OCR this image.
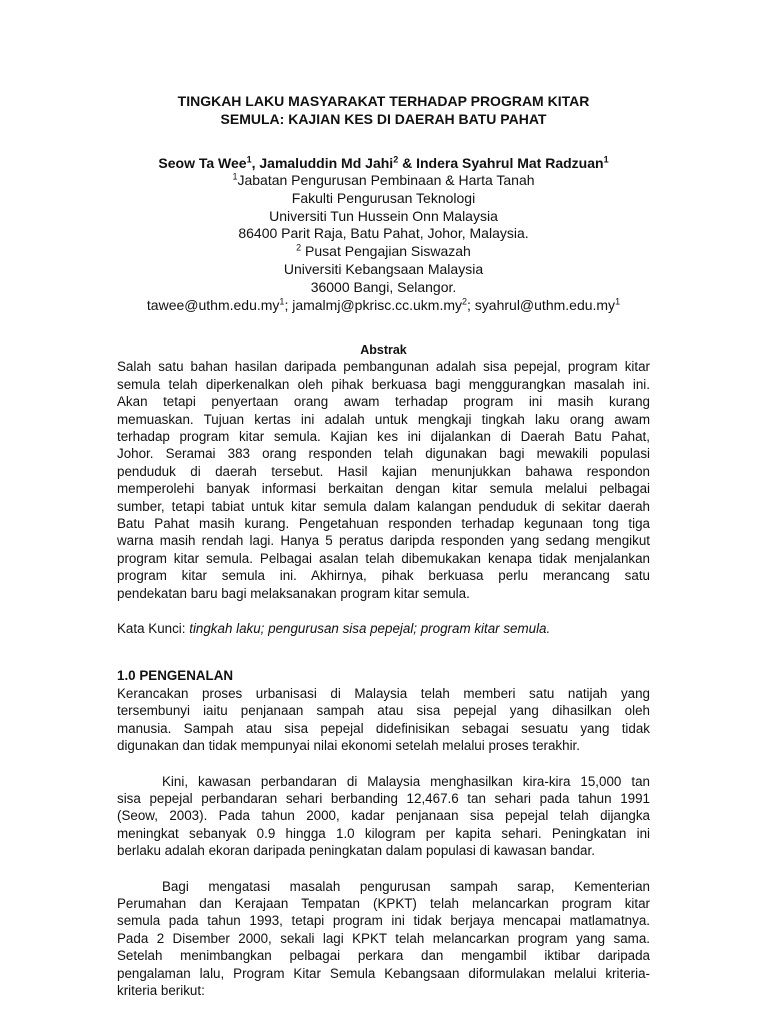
TINGKAH LAKU MASYARAKAT TERHADAP PROGRAM KITAR
SEMULA: KAJIAN KES DI DAERAH BATU PAHAT
Seow Ta Wee$^1$, Jamaluddin Md Jahi$^2$ & Indera Syahrul Mat Radzuan$^1$
$^1$Jabatan Pengurusan Pembinaan & Harta Tanah
Fakulti Pengurusan Teknologi
Universiti Tun Hussein Onn Malaysia
86400 Parit Raja, Batu Pahat, Johor, Malaysia.
$^2$ Pusat Pengajian Siswazah
Universiti Kebangsaan Malaysia
36000 Bangi, Selangor.
$tawee@uthm.edu.my^1$; $jamalmj@pkrisc.cc.ukm.my^2$; $syahrul@uthm.edu.my^1$
Abstrak
Salah satu bahan hasilan daripada pembangunan adalah sisa pepejal, program kitar
semula telah diperkenalkan oleh pihak berkuasa bagi menggurangkan masalah ini.
Akan tetapi penyertaan orang awam terhadap program ini masih kurang
memuaskan. Tujuan kertas ini adalah untuk mengkaji tingkah laku orang awam
terhadap program kitar semula. Kajian kes ini dijalankan di Daerah Batu Pahat,
Johor. Seramai 383 orang responden telah digunakan bagi mewakili populasi
penduduk di daerah tersebut. Hasil kajian menunjukkan bahawa respondon
memperolehi banyak informasi berkaitan dengan kitar semula melalui pelbagai
sumber, tetapi tabiat untuk kitar semula dalam kalangan penduduk di sekitar daerah
Batu Pahat masih kurang. Pengetahuan responden terhadap kegunaan tong tiga
warna masih rendah lagi. Hanya 5 peratus daripda responden yang sedang mengikut
program kitar semula. Pelbagai asalan telah dibemukakan kenapa tidak menjalankan
program kitar semula ini. Akhirnya, pihak berkuasa perlu merancang satu
pendekatan baru bagi melaksanakan program kitar semula.
Kata Kunci: tingkah laku; pengurusan sisa pepejal; program kitar semula.
1.0 PENGENALAN
Kerancakan proses urbanisasi di Malaysia telah memberi satu natijah yang
tersembunyi iaitu penjanaan sampah atau sisa pepejal yang dihasilkan oleh
manusia. Sampah atau sisa pepejal didefinisikan sebagai sesuatu yang tidak
digunakan dan tidak mempunyai nilai ekonomi setelah melalui proses terakhir.
Kini, kawasan perbandaran di Malaysia menghasilkan kira-kira 15,000 tan
sisa pepejal perbandaran sehari berbanding 12,467.6 tan sehari pada tahun 1991
(Seow, 2003). Pada tahun 2000, kadar penjanaan sisa pepejal telah dijangka
meningkat sebanyak 0.9 hingga 1.0 kilogram per kapita sehari. Peningkatan ini
berlaku adalah ekoran daripada peningkatan dalam populasi di kawasan bandar.
Bagi mengatasi masalah pengurusan sampah sarap, Kementerian
Perumahan dan Kerajaan Tempatan (KPKT) telah melancarkan program kitar
semula pada tahun 1993, tetapi program ini tidak berjaya mencapai matlamatnya.
Pada 2 Disember 2000, sekali lagi KPKT telah melancarkan program yang sama.
Setelah menimbangkan pelbagai perkara dan mengambil iktibar daripada
pengalaman lalu, Program Kitar Semula Kebangsaan diformulakan melalui kriteria-
kriteria berikut:
